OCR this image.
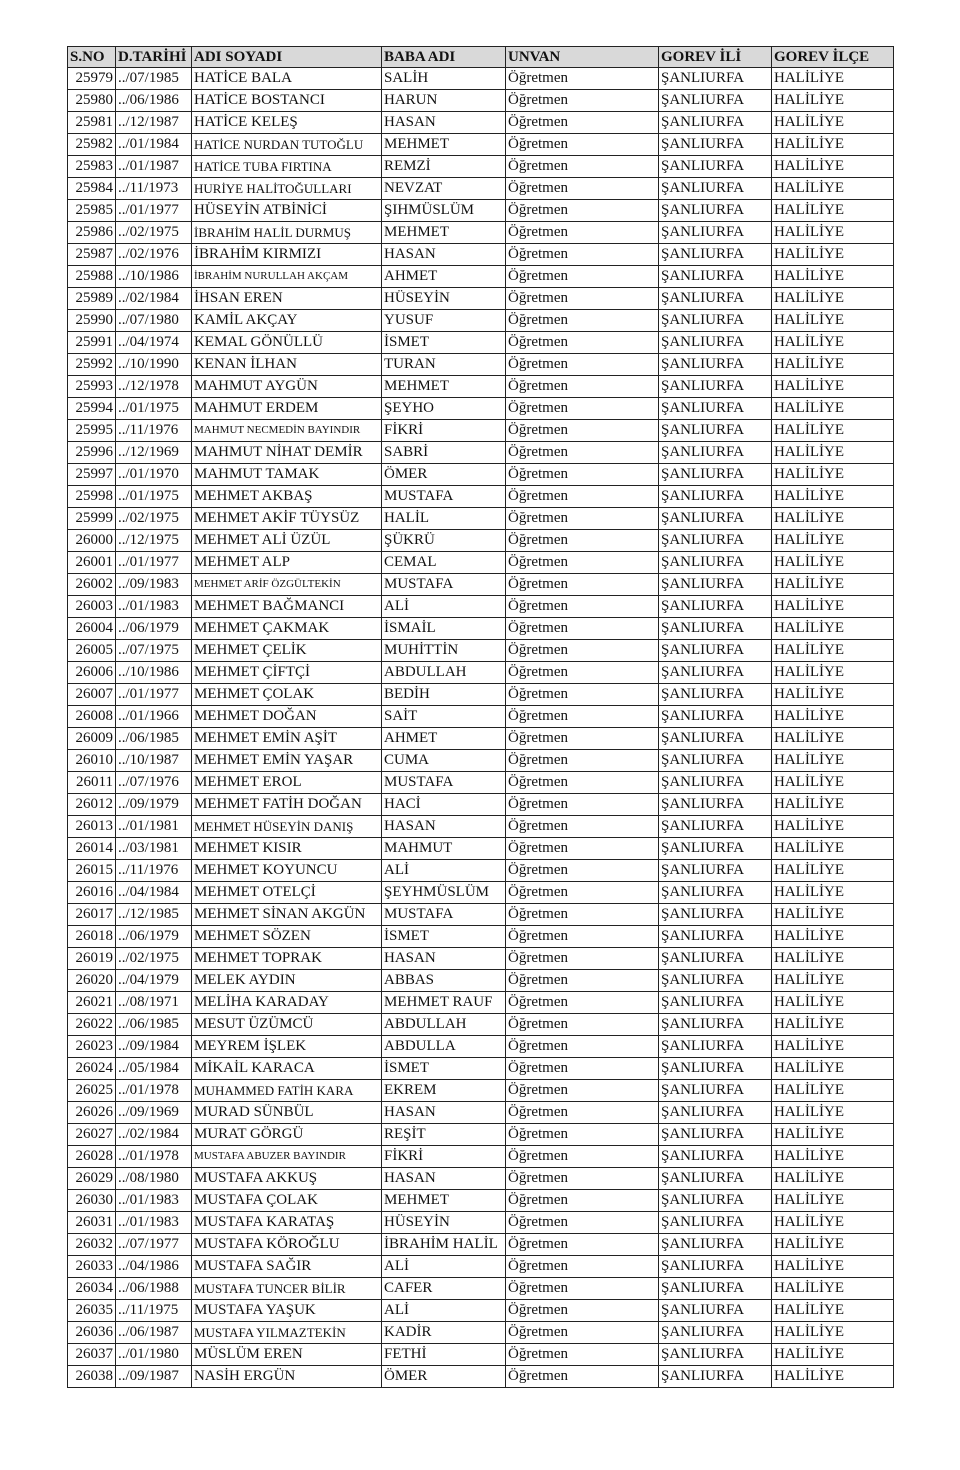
S.NO	D.TARİHİ	ADI SOYADI	BABA ADI	UNVAN	GOREV İLİ	GOREV İLÇE
25979	../07/1985	HATİCE BALA	SALİH	Öğretmen	ŞANLIURFA	HALİLİYE
25980	../06/1986	HATİCE BOSTANCI	HARUN	Öğretmen	ŞANLIURFA	HALİLİYE
25981	../12/1987	HATİCE KELEŞ	HASAN	Öğretmen	ŞANLIURFA	HALİLİYE
25982	../01/1984	HATİCE NURDAN TUTOĞLU	MEHMET	Öğretmen	ŞANLIURFA	HALİLİYE
25983	../01/1987	HATİCE TUBA FIRTINA	REMZİ	Öğretmen	ŞANLIURFA	HALİLİYE
25984	../11/1973	HURİYE HALİTOĞULLARI	NEVZAT	Öğretmen	ŞANLIURFA	HALİLİYE
25985	../01/1977	HÜSEYİN ATBİNİCİ	ŞIHMÜSLÜM	Öğretmen	ŞANLIURFA	HALİLİYE
25986	../02/1975	İBRAHİM HALİL DURMUŞ	MEHMET	Öğretmen	ŞANLIURFA	HALİLİYE
25987	../02/1976	İBRAHİM KIRMIZI	HASAN	Öğretmen	ŞANLIURFA	HALİLİYE
25988	../10/1986	İBRAHİM NURULLAH AKÇAM	AHMET	Öğretmen	ŞANLIURFA	HALİLİYE
25989	../02/1984	İHSAN EREN	HÜSEYİN	Öğretmen	ŞANLIURFA	HALİLİYE
25990	../07/1980	KAMİL AKÇAY	YUSUF	Öğretmen	ŞANLIURFA	HALİLİYE
25991	../04/1974	KEMAL GÖNÜLLÜ	İSMET	Öğretmen	ŞANLIURFA	HALİLİYE
25992	../10/1990	KENAN İLHAN	TURAN	Öğretmen	ŞANLIURFA	HALİLİYE
25993	../12/1978	MAHMUT AYGÜN	MEHMET	Öğretmen	ŞANLIURFA	HALİLİYE
25994	../01/1975	MAHMUT ERDEM	ŞEYHO	Öğretmen	ŞANLIURFA	HALİLİYE
25995	../11/1976	MAHMUT NECMEDİN BAYINDIR	FİKRİ	Öğretmen	ŞANLIURFA	HALİLİYE
25996	../12/1969	MAHMUT NİHAT DEMİR	SABRİ	Öğretmen	ŞANLIURFA	HALİLİYE
25997	../01/1970	MAHMUT TAMAK	ÖMER	Öğretmen	ŞANLIURFA	HALİLİYE
25998	../01/1975	MEHMET AKBAŞ	MUSTAFA	Öğretmen	ŞANLIURFA	HALİLİYE
25999	../02/1975	MEHMET AKİF TÜYSÜZ	HALİL	Öğretmen	ŞANLIURFA	HALİLİYE
26000	../12/1975	MEHMET ALİ ÜZÜL	ŞÜKRÜ	Öğretmen	ŞANLIURFA	HALİLİYE
26001	../01/1977	MEHMET ALP	CEMAL	Öğretmen	ŞANLIURFA	HALİLİYE
26002	../09/1983	MEHMET ARİF ÖZGÜLTEKİN	MUSTAFA	Öğretmen	ŞANLIURFA	HALİLİYE
26003	../01/1983	MEHMET BAĞMANCI	ALİ	Öğretmen	ŞANLIURFA	HALİLİYE
26004	../06/1979	MEHMET ÇAKMAK	İSMAİL	Öğretmen	ŞANLIURFA	HALİLİYE
26005	../07/1975	MEHMET ÇELİK	MUHİTTİN	Öğretmen	ŞANLIURFA	HALİLİYE
26006	../10/1986	MEHMET ÇİFTÇİ	ABDULLAH	Öğretmen	ŞANLIURFA	HALİLİYE
26007	../01/1977	MEHMET ÇOLAK	BEDİH	Öğretmen	ŞANLIURFA	HALİLİYE
26008	../01/1966	MEHMET DOĞAN	SAİT	Öğretmen	ŞANLIURFA	HALİLİYE
26009	../06/1985	MEHMET EMİN AŞİT	AHMET	Öğretmen	ŞANLIURFA	HALİLİYE
26010	../10/1987	MEHMET EMİN YAŞAR	CUMA	Öğretmen	ŞANLIURFA	HALİLİYE
26011	../07/1976	MEHMET EROL	MUSTAFA	Öğretmen	ŞANLIURFA	HALİLİYE
26012	../09/1979	MEHMET FATİH DOĞAN	HACİ	Öğretmen	ŞANLIURFA	HALİLİYE
26013	../01/1981	MEHMET HÜSEYİN DANIŞ	HASAN	Öğretmen	ŞANLIURFA	HALİLİYE
26014	../03/1981	MEHMET KISIR	MAHMUT	Öğretmen	ŞANLIURFA	HALİLİYE
26015	../11/1976	MEHMET KOYUNCU	ALİ	Öğretmen	ŞANLIURFA	HALİLİYE
26016	../04/1984	MEHMET OTELÇİ	ŞEYHMÜSLÜM	Öğretmen	ŞANLIURFA	HALİLİYE
26017	../12/1985	MEHMET SİNAN AKGÜN	MUSTAFA	Öğretmen	ŞANLIURFA	HALİLİYE
26018	../06/1979	MEHMET SÖZEN	İSMET	Öğretmen	ŞANLIURFA	HALİLİYE
26019	../02/1975	MEHMET TOPRAK	HASAN	Öğretmen	ŞANLIURFA	HALİLİYE
26020	../04/1979	MELEK AYDIN	ABBAS	Öğretmen	ŞANLIURFA	HALİLİYE
26021	../08/1971	MELİHA KARADAY	MEHMET RAUF	Öğretmen	ŞANLIURFA	HALİLİYE
26022	../06/1985	MESUT ÜZÜMCÜ	ABDULLAH	Öğretmen	ŞANLIURFA	HALİLİYE
26023	../09/1984	MEYREM İŞLEK	ABDULLA	Öğretmen	ŞANLIURFA	HALİLİYE
26024	../05/1984	MİKAİL KARACA	İSMET	Öğretmen	ŞANLIURFA	HALİLİYE
26025	../01/1978	MUHAMMED FATİH KARA	EKREM	Öğretmen	ŞANLIURFA	HALİLİYE
26026	../09/1969	MURAD SÜNBÜL	HASAN	Öğretmen	ŞANLIURFA	HALİLİYE
26027	../02/1984	MURAT GÖRGÜ	REŞİT	Öğretmen	ŞANLIURFA	HALİLİYE
26028	../01/1978	MUSTAFA ABUZER BAYINDIR	FİKRİ	Öğretmen	ŞANLIURFA	HALİLİYE
26029	../08/1980	MUSTAFA AKKUŞ	HASAN	Öğretmen	ŞANLIURFA	HALİLİYE
26030	../01/1983	MUSTAFA ÇOLAK	MEHMET	Öğretmen	ŞANLIURFA	HALİLİYE
26031	../01/1983	MUSTAFA KARATAŞ	HÜSEYİN	Öğretmen	ŞANLIURFA	HALİLİYE
26032	../07/1977	MUSTAFA KÖROĞLU	İBRAHİM HALİL	Öğretmen	ŞANLIURFA	HALİLİYE
26033	../04/1986	MUSTAFA SAĞIR	ALİ	Öğretmen	ŞANLIURFA	HALİLİYE
26034	../06/1988	MUSTAFA TUNCER BİLİR	CAFER	Öğretmen	ŞANLIURFA	HALİLİYE
26035	../11/1975	MUSTAFA YAŞUK	ALİ	Öğretmen	ŞANLIURFA	HALİLİYE
26036	../06/1987	MUSTAFA YILMAZTEKİN	KADİR	Öğretmen	ŞANLIURFA	HALİLİYE
26037	../01/1980	MÜSLÜM EREN	FETHİ	Öğretmen	ŞANLIURFA	HALİLİYE
26038	../09/1987	NASİH ERGÜN	ÖMER	Öğretmen	ŞANLIURFA	HALİLİYE
